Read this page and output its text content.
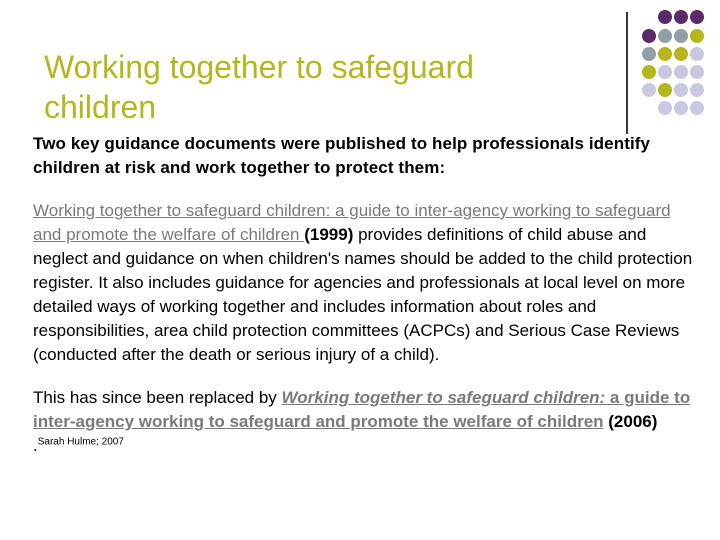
Working together to safeguard children

Two key guidance documents were published to help professionals identify children at risk and work together to protect them:

Working together to safeguard children: a guide to inter-agency working to safeguard and promote the welfare of children (1999) provides definitions of child abuse and neglect and guidance on when children's names should be added to the child protection register. It also includes guidance for agencies and professionals at local level on more detailed ways of working together and includes information about roles and responsibilities, area child protection committees (ACPCs) and Serious Case Reviews (conducted after the death or serious injury of a child).

This has since been replaced by Working together to safeguard children: a guide to inter-agency working to safeguard and promote the welfare of children (2006) .$^{Sarah Hulme; 2007}$
